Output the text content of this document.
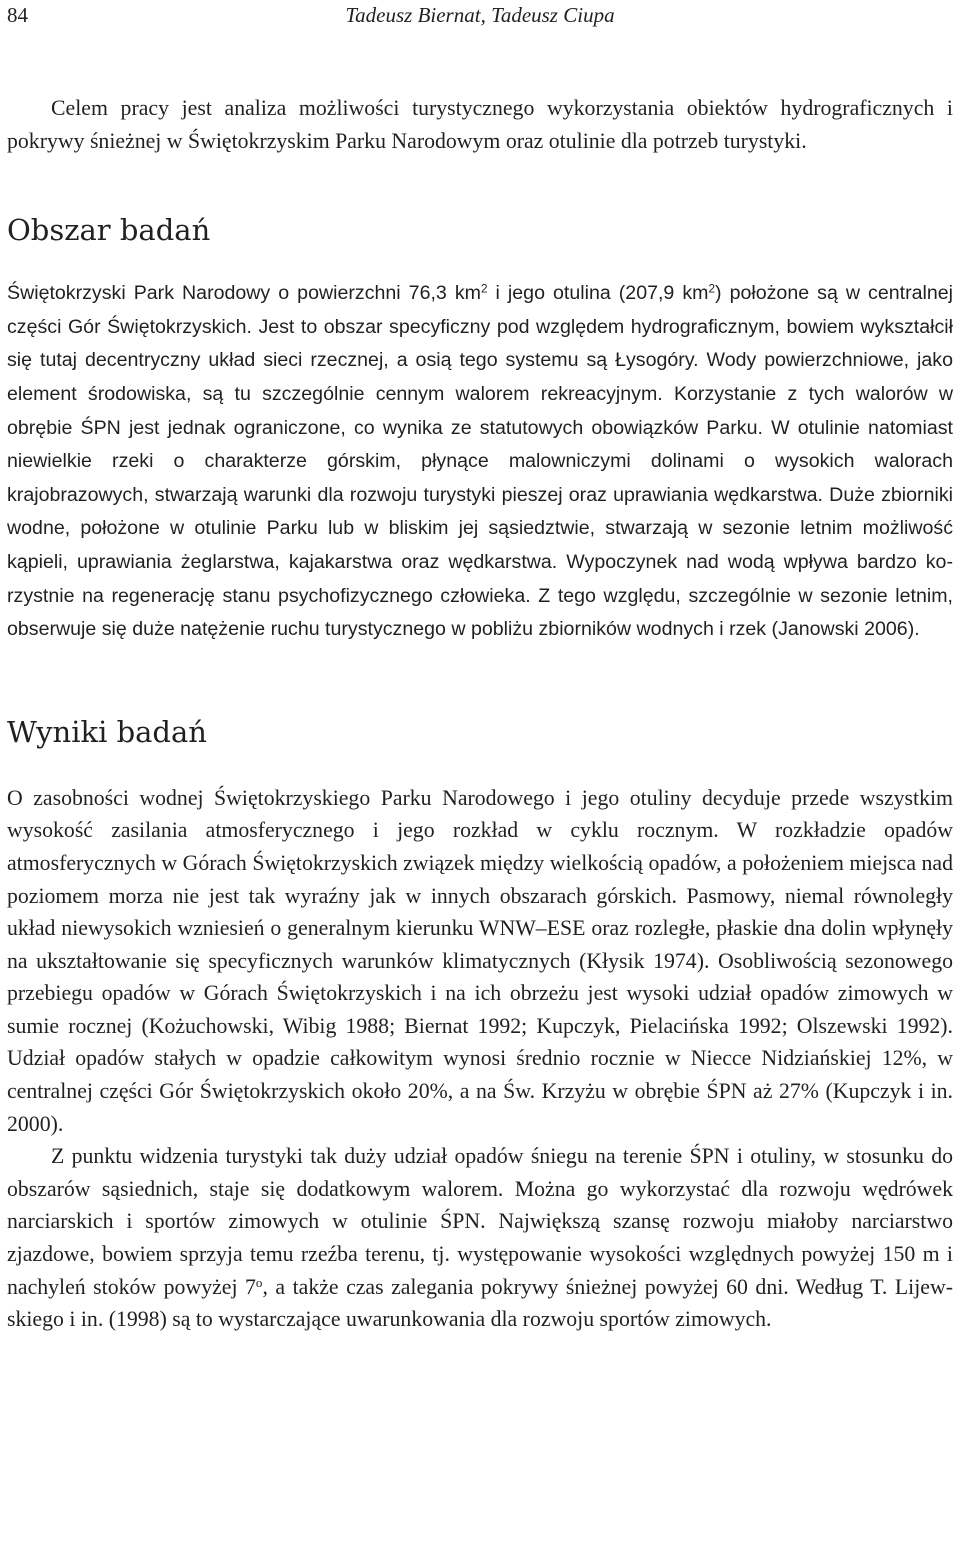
84	Tadeusz Biernat, Tadeusz Ciupa

Celem pracy jest analiza możliwości turystycznego wykorzystania obiektów hydrograficznych i pokrywy śnieżnej w Świętokrzyskim Parku Narodowym oraz otulinie dla potrzeb turystyki.

Obszar badań

Świętokrzyski Park Narodowy o powierzchni 76,3 $km^2$ i jego otulina (207,9 $km^2$) położone są w centralnej części Gór Świętokrzyskich. Jest to obszar specyficzny pod względem hydrograficznym, bowiem wykształcił się tutaj decentryczny układ sieci rzecznej, a osią tego systemu są Łysogóry. Wody powierzchniowe, jako element środowiska, są tu szczególnie cennym walorem rekreacyjnym. Korzystanie z tych walorów w obrębie ŚPN jest jednak ograniczone, co wynika ze statutowych obowiązków Parku. W otulinie natomiast niewielkie rzeki o charakterze górskim, płynące malowniczymi dolinami o wysokich walorach krajobrazowych, stwarzają warunki dla rozwoju turystyki pieszej oraz uprawiania wędkarstwa. Duże zbiorniki wodne, położone w otulinie Parku lub w bliskim jej sąsiedztwie, stwarzają w sezonie letnim możliwość kąpieli, uprawiania żeglarstwa, kajakarstwa oraz wędkarstwa. Wypoczynek nad wodą wpływa bardzo korzystnie na regenerację stanu psychofizycznego człowieka. Z tego względu, szczególnie w sezonie letnim, obserwuje się duże natężenie ruchu turystycznego w pobliżu zbiorników wodnych i rzek (Janowski 2006).

Wyniki badań

O zasobności wodnej Świętokrzyskiego Parku Narodowego i jego otuliny decyduje przede wszystkim wysokość zasilania atmosferycznego i jego rozkład w cyklu rocznym. W rozkładzie opadów atmosferycznych w Górach Świętokrzyskich związek między wielkością opadów, a położeniem miejsca nad poziomem morza nie jest tak wyraźny jak w innych obszarach górskich. Pasmowy, niemal równoległy układ niewysokich wzniesień o generalnym kierunku WNW–ESE oraz rozległe, płaskie dna dolin wpłynęły na ukształtowanie się specyficznych warunków klimatycznych (Kłysik 1974). Osobliwością sezonowego przebiegu opadów w Górach Świętokrzyskich i na ich obrzeżu jest wysoki udział opadów zimowych w sumie rocznej (Kożuchowski, Wibig 1988; Biernat 1992; Kupczyk, Pielacińska 1992; Olszewski 1992). Udział opadów stałych w opadzie całkowitym wynosi średnio rocznie w Niecce Nidziańskiej 12%, w centralnej części Gór Świętokrzyskich około 20%, a na Św. Krzyżu w obrębie ŚPN aż 27% (Kupczyk i in. 2000).

Z punktu widzenia turystyki tak duży udział opadów śniegu na terenie ŚPN i otuliny, w stosunku do obszarów sąsiednich, staje się dodatkowym walorem. Można go wykorzystać dla rozwoju wędrówek narciarskich i sportów zimowych w otulinie ŚPN. Największą szansę rozwoju miałoby narciarstwo zjazdowe, bowiem sprzyja temu rzeźba terenu, tj. występowanie wysokości względnych powyżej 150 m i nachyleń stoków powyżej 7$^o$, a także czas zalegania pokrywy śnieżnej powyżej 60 dni. Według T. Lijewskiego i in. (1998) są to wystarczające uwarunkowania dla rozwoju sportów zimowych.
